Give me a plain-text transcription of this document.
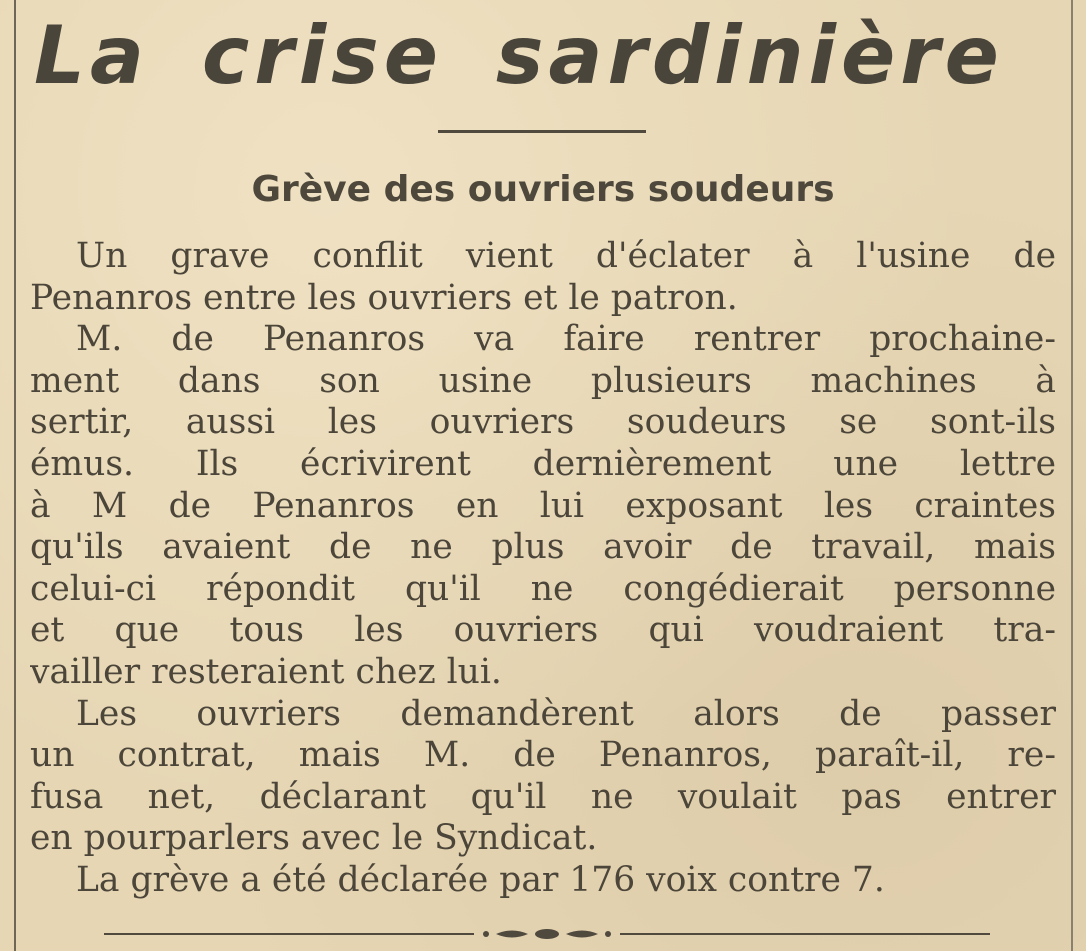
La crise sardinière
Grève des ouvriers soudeurs
Un grave conflit vient d'éclater à l'usine de
Penanros entre les ouvriers et le patron.
M. de Penanros va faire rentrer prochaine-
ment dans son usine plusieurs machines à
sertir, aussi les ouvriers soudeurs se sont-ils
émus. Ils écrivirent dernièrement une lettre
à M de Penanros en lui exposant les craintes
qu'ils avaient de ne plus avoir de travail, mais
celui-ci répondit qu'il ne congédierait personne
et que tous les ouvriers qui voudraient tra-
vailler resteraient chez lui.
Les ouvriers demandèrent alors de passer
un contrat, mais M. de Penanros, paraît-il, re-
fusa net, déclarant qu'il ne voulait pas entrer
en pourparlers avec le Syndicat.
La grève a été déclarée par 176 voix contre 7.
